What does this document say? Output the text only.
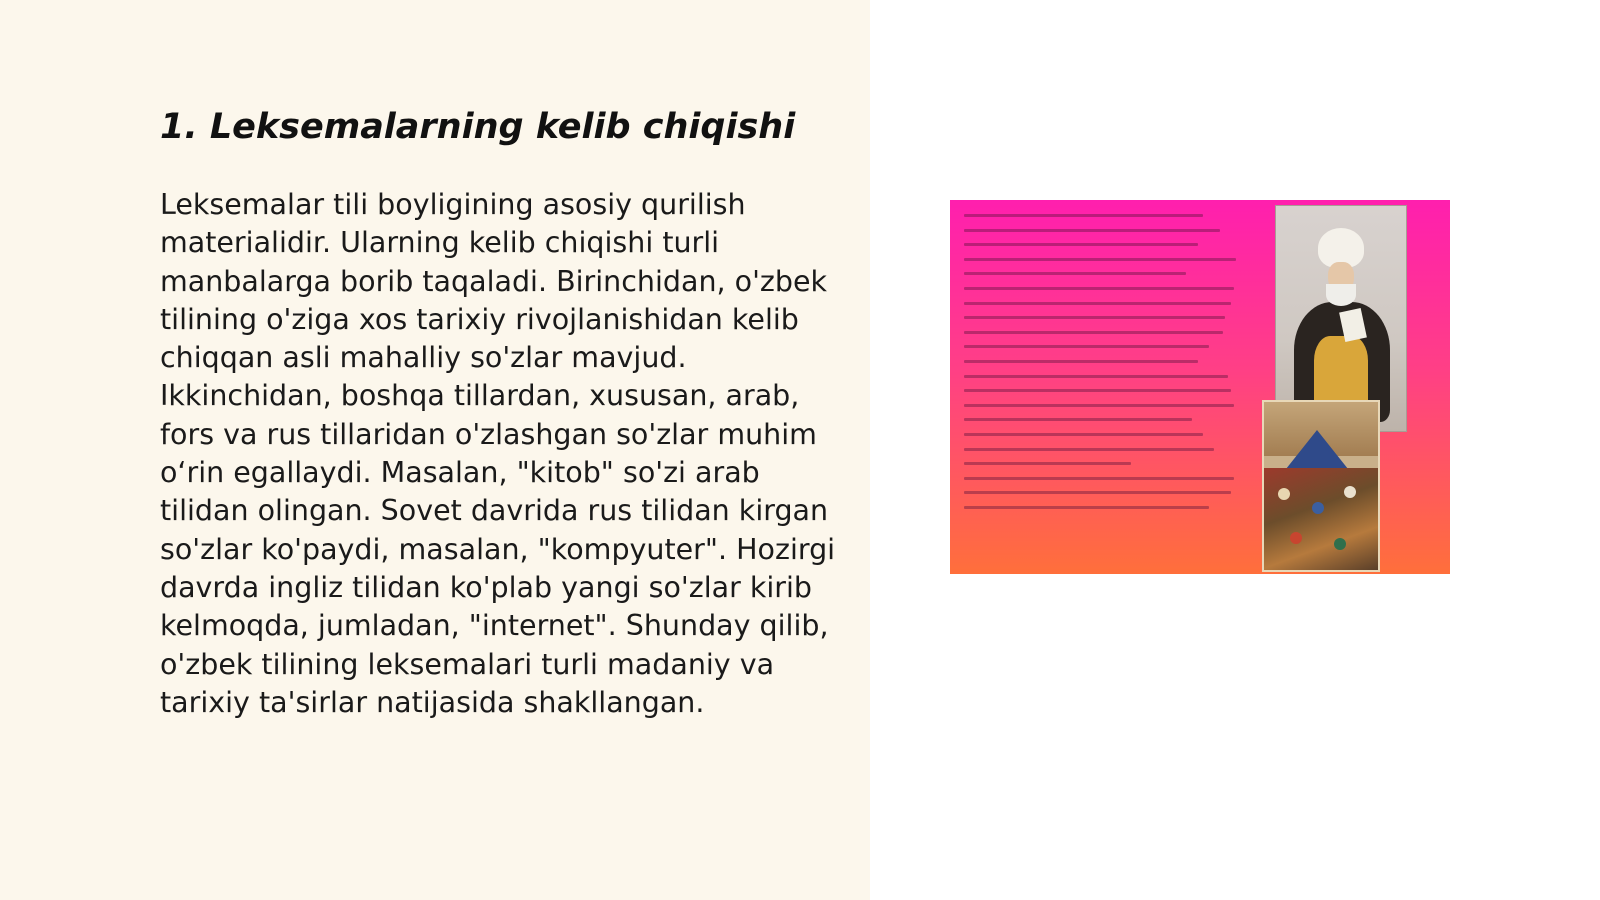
1. Leksemalarning kelib chiqishi

Leksemalar tili boyligining asosiy qurilish materialidir. Ularning kelib chiqishi turli manbalarga borib taqaladi. Birinchidan, o'zbek tilining o'ziga xos tarixiy rivojlanishidan kelib chiqqan asli mahalliy so'zlar mavjud. Ikkinchidan, boshqa tillardan, xususan, arab, fors va rus tillaridan o'zlashgan so'zlar muhim o‘rin egallaydi. Masalan, "kitob" so'zi arab tilidan olingan. Sovet davrida rus tilidan kirgan so'zlar ko'paydi, masalan, "kompyuter". Hozirgi davrda ingliz tilidan ko'plab yangi so'zlar kirib kelmoqda, jumladan, "internet". Shunday qilib, o'zbek tilining leksemalari turli madaniy va tarixiy ta'sirlar natijasida shakllangan.
